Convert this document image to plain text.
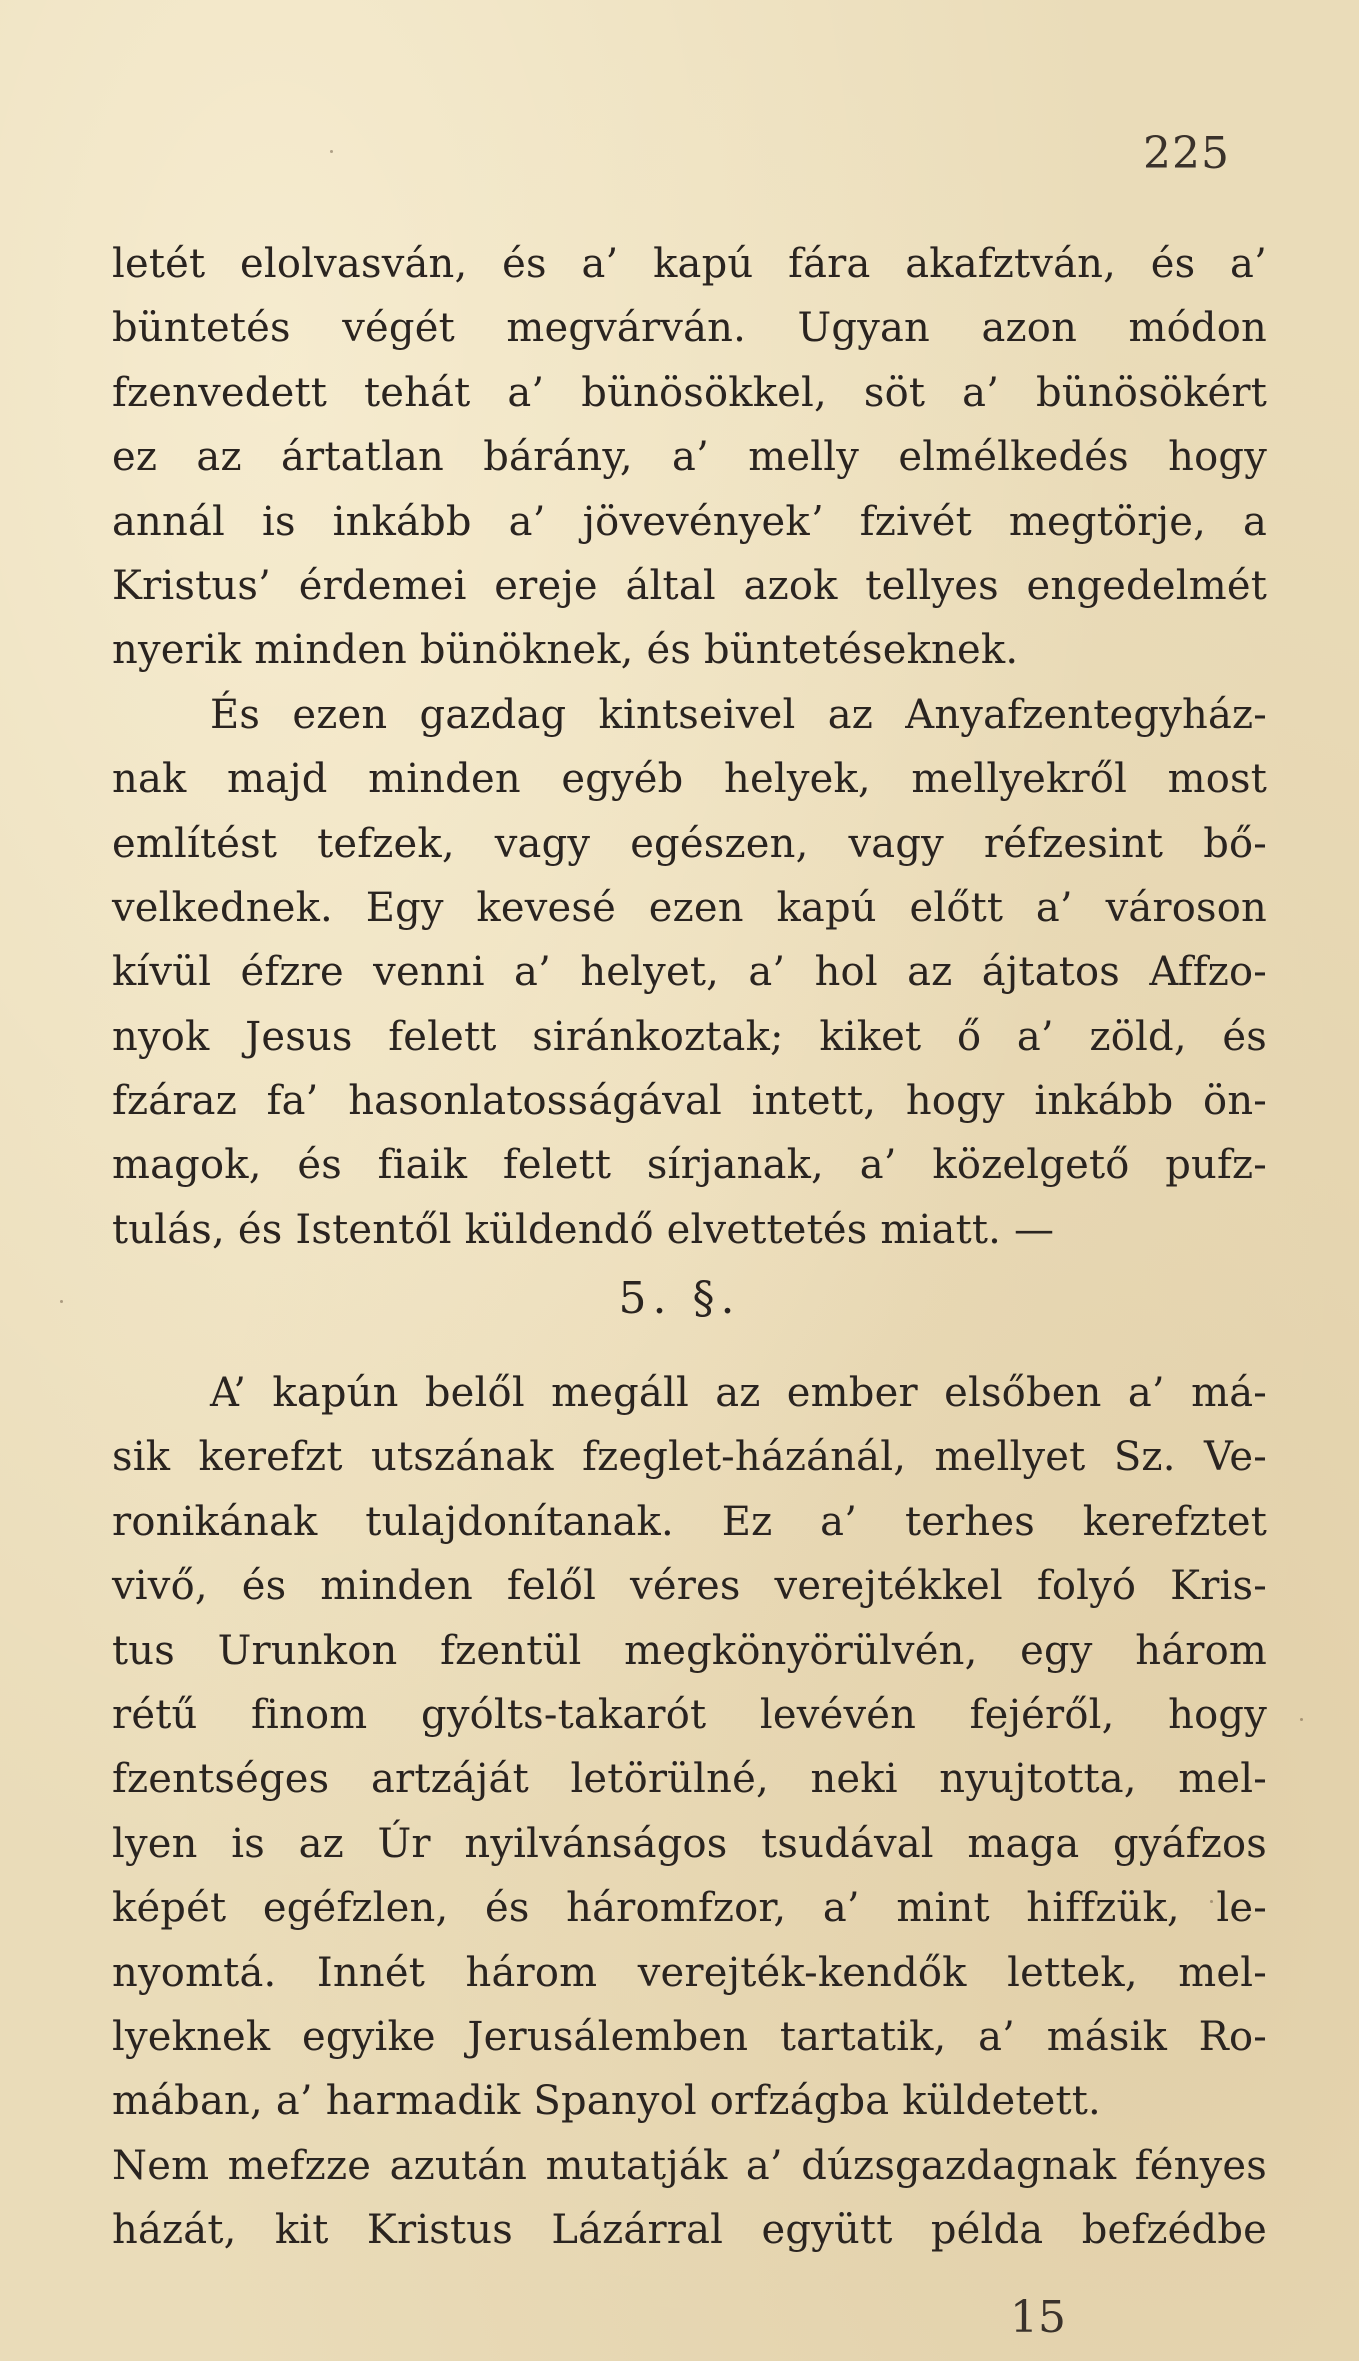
225
letét elolvasván, és a’ kapú fára akafztván, és a’
büntetés végét megvárván. Ugyan azon módon
fzenvedett tehát a’ bünösökkel, söt a’ bünösökért
ez az ártatlan bárány, a’ melly elmélkedés hogy
annál is inkább a’ jövevényekʼ fzivét megtörje, a
Kristus’ érdemei ereje által azok tellyes engedelmét
nyerik minden bünöknek, és büntetéseknek.
És ezen gazdag kintseivel az Anyafzentegyház-
nak majd minden egyéb helyek, mellyekről most
említést tefzek, vagy egészen, vagy réfzesint bő-
velkednek. Egy kevesé ezen kapú előtt a’ városon
kívül éfzre venni a’ helyet, a’ hol az ájtatos Affzo-
nyok Jesus felett siránkoztak; kiket ő a’ zöld, és
fzáraz fa’ hasonlatosságával intett, hogy inkább ön-
magok, és fiaik felett sírjanak, a’ közelgető pufz-
tulás, és Istentől küldendő elvettetés miatt. —
5. §.
A’ kapún belől megáll az ember elsőben a’ má-
sik kerefzt utszának fzeglet-házánál, mellyet Sz. Ve-
ronikának tulajdonítanak. Ez a’ terhes kerefztet
vivő, és minden felől véres verejtékkel folyó Kris-
tus Urunkon fzentül megkönyörülvén, egy három
rétű finom gyólts-takarót levévén fejéről, hogy
fzentséges artzáját letörülné, neki nyujtotta, mel-
lyen is az Úr nyilvánságos tsudával maga gyáfzos
képét egéfzlen, és háromfzor, a’ mint hiffzük, le-
nyomtá. Innét három verejték-kendők lettek, mel-
lyeknek egyike Jerusálemben tartatik, a’ másik Ro-
mában, a’ harmadik Spanyol orfzágba küldetett.
Nem mefzze azután mutatják a’ dúzsgazdagnak fényes
házát, kit Kristus Lázárral együtt példa befzédbe
15
